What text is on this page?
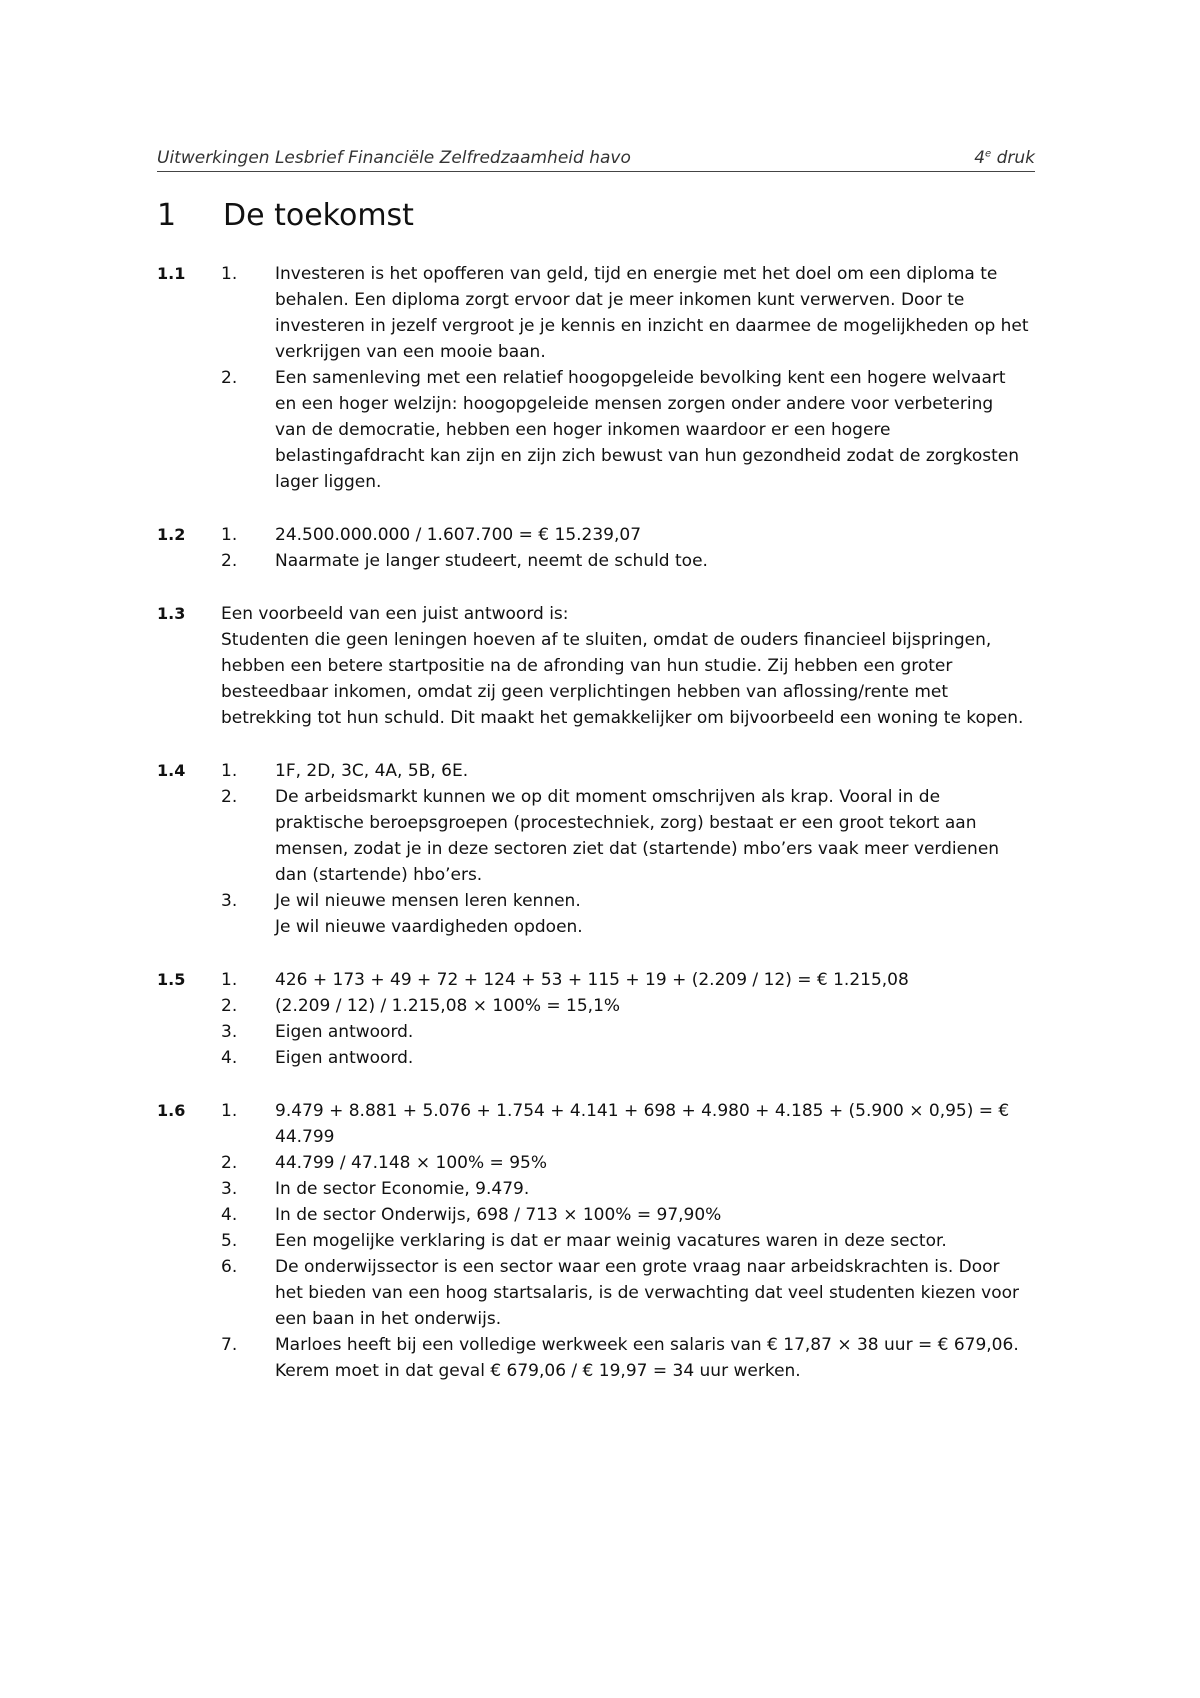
Uitwerkingen Lesbrief Financiële Zelfredzaamheid havo	4e druk
1	De toekomst
1.1	1.	Investeren is het opofferen van geld, tijd en energie met het doel om een diploma te
behalen. Een diploma zorgt ervoor dat je meer inkomen kunt verwerven. Door te
investeren in jezelf vergroot je je kennis en inzicht en daarmee de mogelijkheden op het
verkrijgen van een mooie baan.
2.	Een samenleving met een relatief hoogopgeleide bevolking kent een hogere welvaart
en een hoger welzijn: hoogopgeleide mensen zorgen onder andere voor verbetering
van de democratie, hebben een hoger inkomen waardoor er een hogere
belastingafdracht kan zijn en zijn zich bewust van hun gezondheid zodat de zorgkosten
lager liggen.
1.2	1.	24.500.000.000 / 1.607.700 = € 15.239,07
2.	Naarmate je langer studeert, neemt de schuld toe.
1.3	Een voorbeeld van een juist antwoord is:
Studenten die geen leningen hoeven af te sluiten, omdat de ouders financieel bijspringen,
hebben een betere startpositie na de afronding van hun studie. Zij hebben een groter
besteedbaar inkomen, omdat zij geen verplichtingen hebben van aflossing/rente met
betrekking tot hun schuld. Dit maakt het gemakkelijker om bijvoorbeeld een woning te kopen.
1.4	1.	1F, 2D, 3C, 4A, 5B, 6E.
2.	De arbeidsmarkt kunnen we op dit moment omschrijven als krap. Vooral in de
praktische beroepsgroepen (procestechniek, zorg) bestaat er een groot tekort aan
mensen, zodat je in deze sectoren ziet dat (startende) mbo’ers vaak meer verdienen
dan (startende) hbo’ers.
3.	Je wil nieuwe mensen leren kennen.
Je wil nieuwe vaardigheden opdoen.
1.5	1.	426 + 173 + 49 + 72 + 124 + 53 + 115 + 19 + (2.209 / 12) = € 1.215,08
2.	(2.209 / 12) / 1.215,08 × 100% = 15,1%
3.	Eigen antwoord.
4.	Eigen antwoord.
1.6	1.	9.479 + 8.881 + 5.076 + 1.754 + 4.141 + 698 + 4.980 + 4.185 + (5.900 × 0,95) = € 44.799
2.	44.799 / 47.148 × 100% = 95%
3.	In de sector Economie, 9.479.
4.	In de sector Onderwijs, 698 / 713 × 100% = 97,90%
5.	Een mogelijke verklaring is dat er maar weinig vacatures waren in deze sector.
6.	De onderwijssector is een sector waar een grote vraag naar arbeidskrachten is. Door
het bieden van een hoog startsalaris, is de verwachting dat veel studenten kiezen voor
een baan in het onderwijs.
7.	Marloes heeft bij een volledige werkweek een salaris van € 17,87 × 38 uur = € 679,06.
Kerem moet in dat geval € 679,06 / € 19,97 = 34 uur werken.
